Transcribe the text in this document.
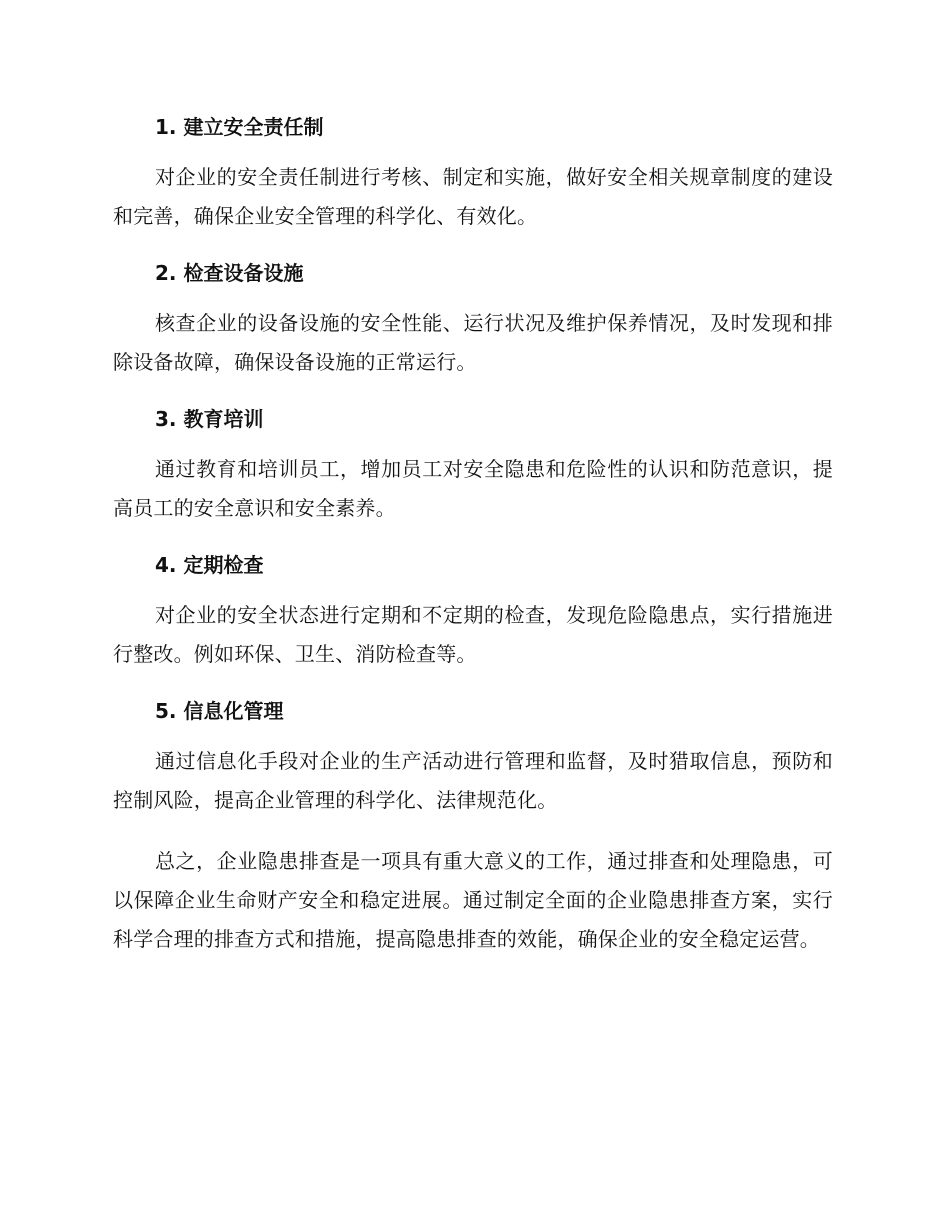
1. 建立安全责任制

对企业的安全责任制进行考核、制定和实施，做好安全相关规章制度的建设和完善，确保企业安全管理的科学化、有效化。

2. 检查设备设施

核查企业的设备设施的安全性能、运行状况及维护保养情况，及时发现和排除设备故障，确保设备设施的正常运行。

3. 教育培训

通过教育和培训员工，增加员工对安全隐患和危险性的认识和防范意识，提高员工的安全意识和安全素养。

4. 定期检查

对企业的安全状态进行定期和不定期的检查，发现危险隐患点，实行措施进行整改。例如环保、卫生、消防检查等。

5. 信息化管理

通过信息化手段对企业的生产活动进行管理和监督，及时猎取信息，预防和控制风险，提高企业管理的科学化、法律规范化。

总之，企业隐患排查是一项具有重大意义的工作，通过排查和处理隐患，可以保障企业生命财产安全和稳定进展。通过制定全面的企业隐患排查方案，实行科学合理的排查方式和措施，提高隐患排查的效能，确保企业的安全稳定运营。
